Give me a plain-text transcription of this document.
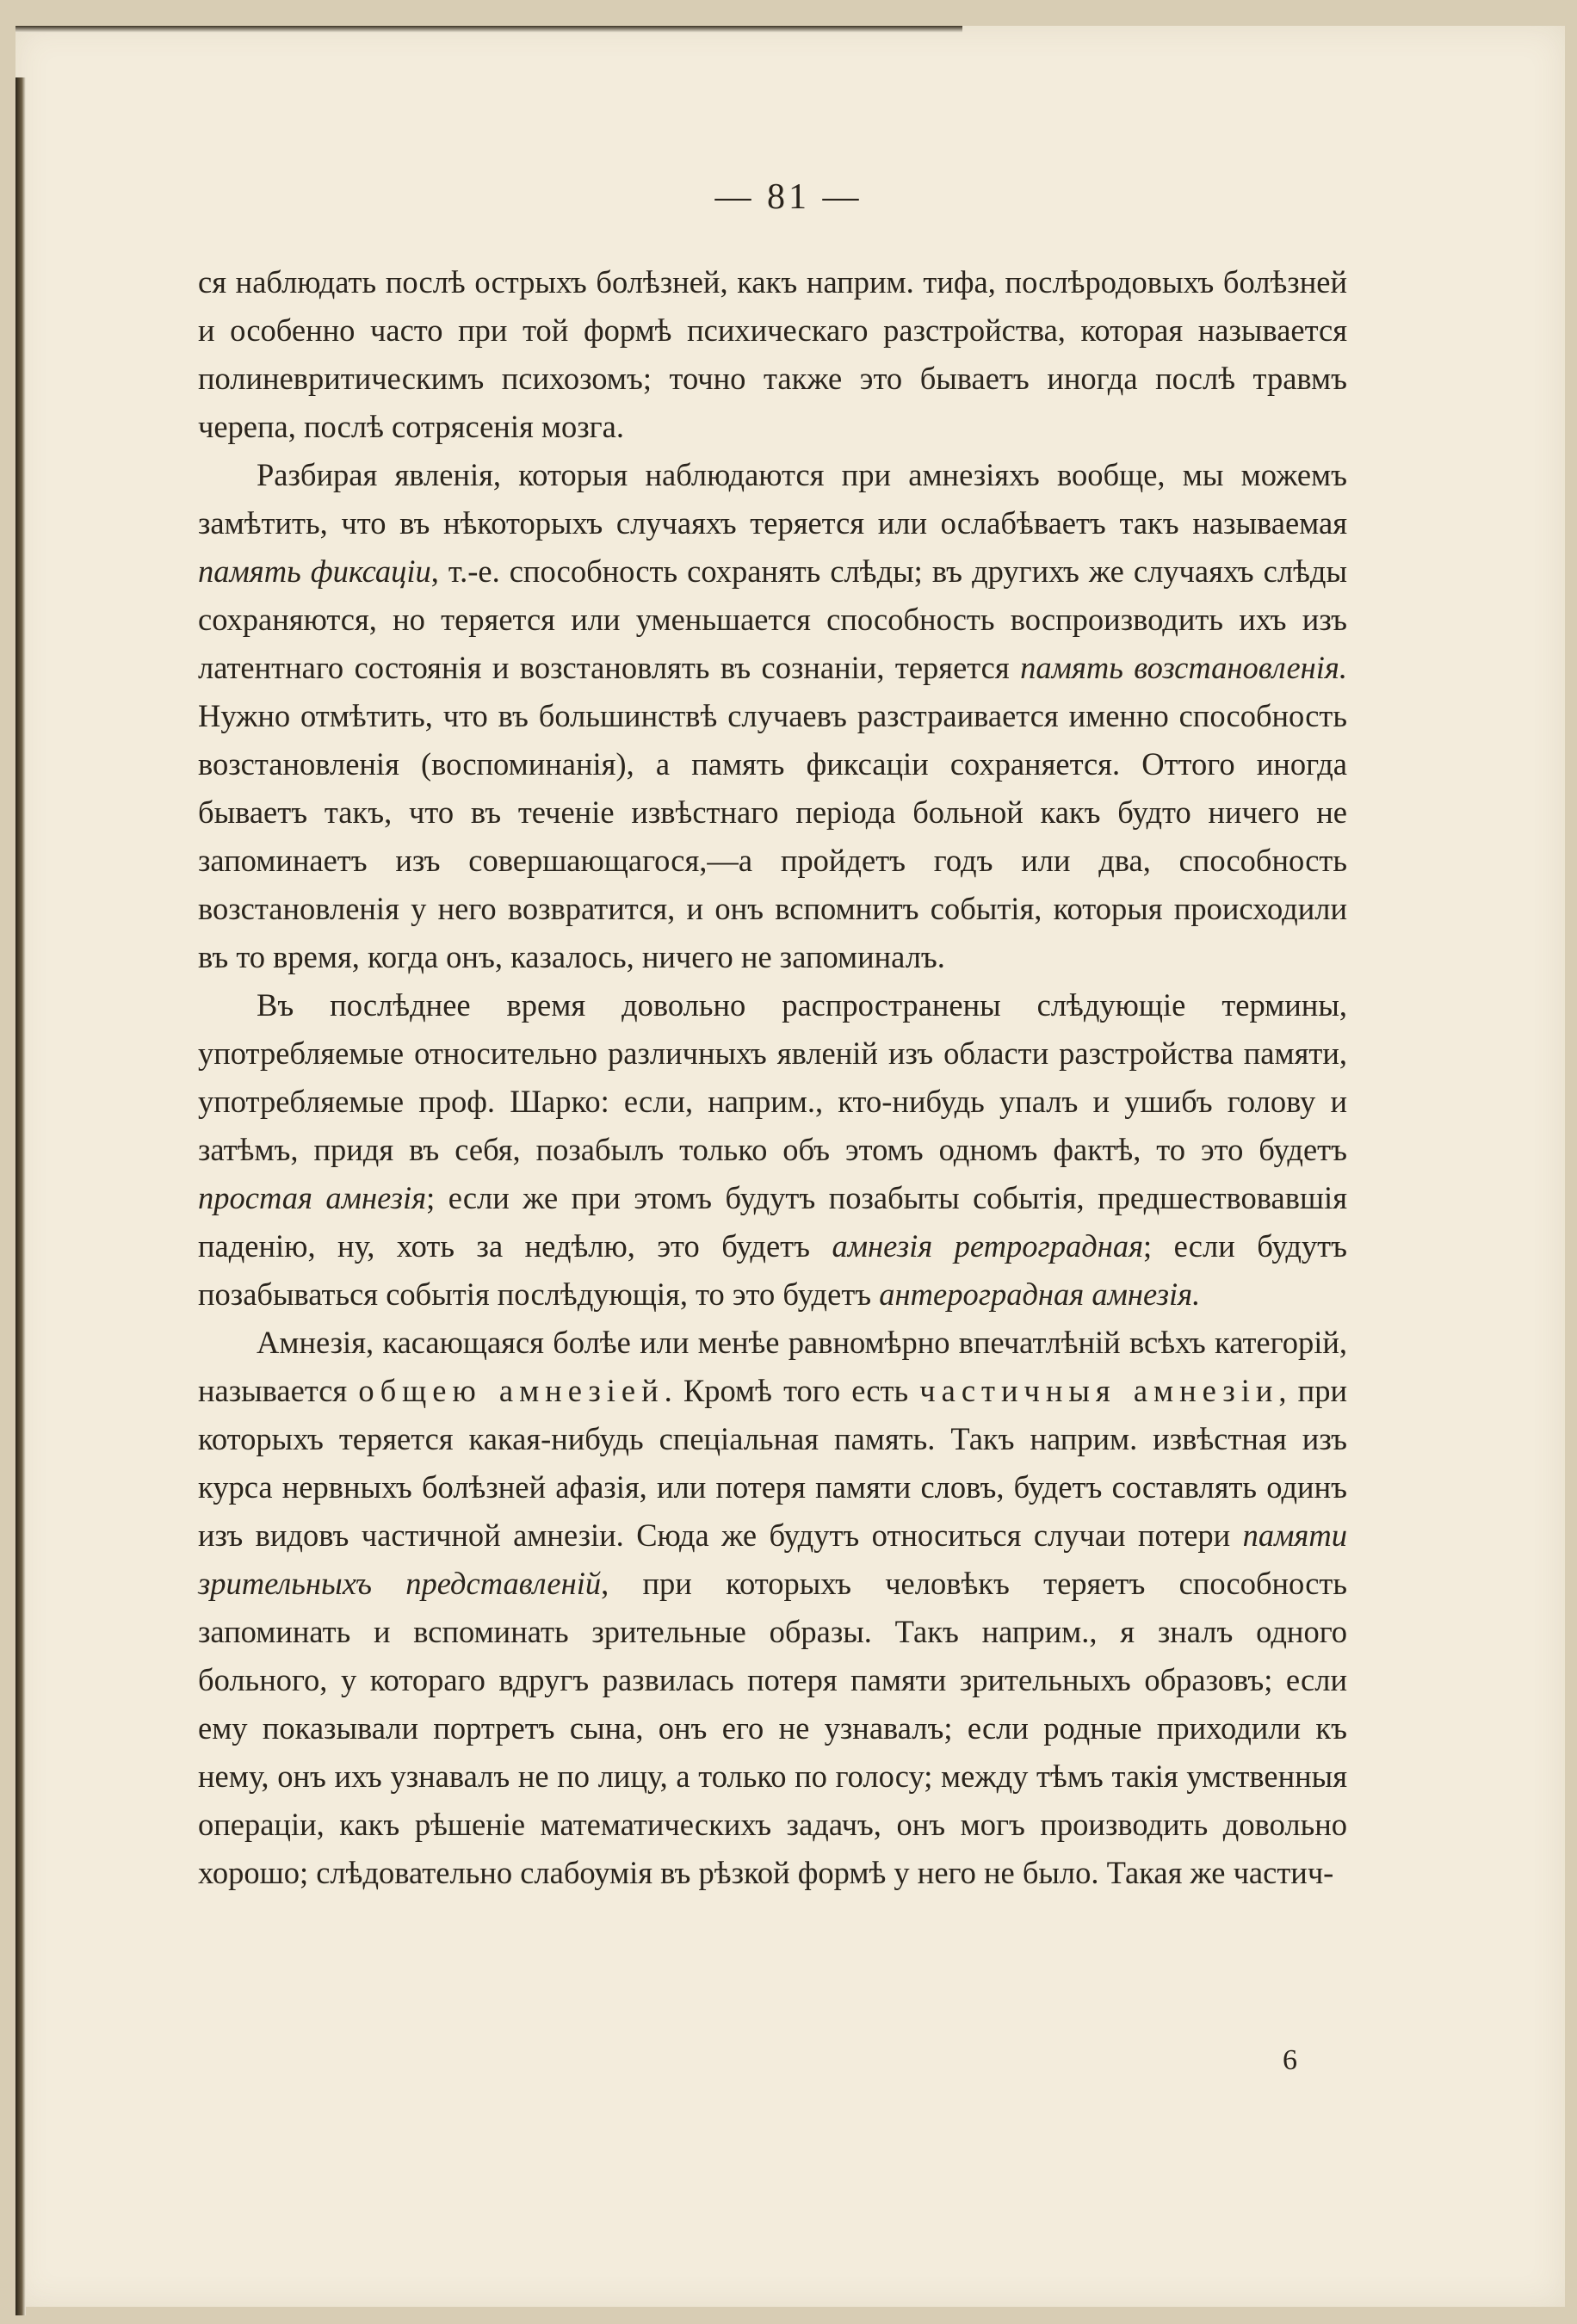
— 81 —

ся наблюдать послѣ острыхъ болѣзней, какъ наприм. тифа, послѣродовыхъ болѣзней и особенно часто при той формѣ психическаго разстройства, которая называется полиневритическимъ психозомъ; точно также это бываетъ иногда послѣ травмъ черепа, послѣ сотрясенія мозга.

Разбирая явленія, которыя наблюдаются при амнезіяхъ вообще, мы можемъ замѣтить, что въ нѣкоторыхъ случаяхъ теряется или ослабѣваетъ такъ называемая память фиксаціи, т.-е. способность сохранять слѣды; въ другихъ же случаяхъ слѣды сохраняются, но теряется или уменьшается способность воспроизводить ихъ изъ латентнаго состоянія и возстановлять въ сознаніи, теряется память возстановленія. Нужно отмѣтить, что въ большинствѣ случаевъ разстраивается именно способность возстановленія (воспоминанія), а память фиксаціи сохраняется. Оттого иногда бываетъ такъ, что въ теченіе извѣстнаго періода больной какъ будто ничего не запоминаетъ изъ совершающагося,—а пройдетъ годъ или два, способность возстановленія у него возвратится, и онъ вспомнитъ событія, которыя происходили въ то время, когда онъ, казалось, ничего не запоминалъ.

Въ послѣднее время довольно распространены слѣдующіе термины, употребляемые относительно различныхъ явленій изъ области разстройства памяти, употребляемые проф. Шарко: если, наприм., кто-нибудь упалъ и ушибъ голову и затѣмъ, придя въ себя, позабылъ только объ этомъ одномъ фактѣ, то это будетъ простая амнезія; если же при этомъ будутъ позабыты событія, предшествовавшія паденію, ну, хоть за недѣлю, это будетъ амнезія ретроградная; если будутъ позабываться событія послѣдующія, то это будетъ антероградная амнезія.

Амнезія, касающаяся болѣе или менѣе равномѣрно впечатлѣній всѣхъ категорій, называется общею амнезіей. Кромѣ того есть частичныя амнезіи, при которыхъ теряется какая-нибудь спеціальная память. Такъ наприм. извѣстная изъ курса нервныхъ болѣзней афазія, или потеря памяти словъ, будетъ составлять одинъ изъ видовъ частичной амнезіи. Сюда же будутъ относиться случаи потери памяти зрительныхъ представленій, при которыхъ человѣкъ теряетъ способность запоминать и вспоминать зрительные образы. Такъ наприм., я зналъ одного больного, у котораго вдругъ развилась потеря памяти зрительныхъ образовъ; если ему показывали портретъ сына, онъ его не узнавалъ; если родные приходили къ нему, онъ ихъ узнавалъ не по лицу, а только по голосу; между тѣмъ такія умственныя операціи, какъ рѣшеніе математическихъ задачъ, онъ могъ производить довольно хорошо; слѣдовательно слабоумія въ рѣзкой формѣ у него не было. Такая же частич-

6
